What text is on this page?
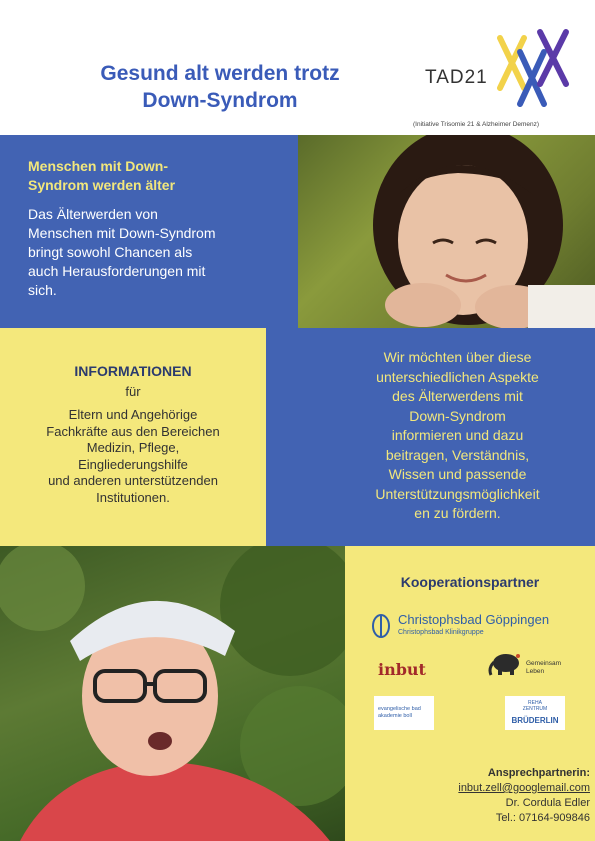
Gesund alt werden trotz
Down-Syndrom
TAD21
(Initiative Trisomie 21 & Alzheimer Demenz)
Menschen mit Down-
Syndrom werden älter
Das Älterwerden von
Menschen mit Down-Syndrom
bringt sowohl Chancen als
auch Herausforderungen mit
sich.
INFORMATIONEN
für
Eltern und Angehörige
Fachkräfte aus den Bereichen
Medizin, Pflege,
Eingliederungshilfe
und anderen unterstützenden
Institutionen.
Wir möchten über diese
unterschiedlichen Aspekte
des Älterwerdens mit
Down-Syndrom
informieren und dazu
beitragen, Verständnis,
Wissen und passende
Unterstützungsmöglichkeit
en zu fördern.
Kooperationspartner
Christophsbad Göppingen
Christophsbad Klinikgruppe
inbut	Gemeinsam
Leben
evangelische bad
akademie boll
REHA
ZENTRUM
BRÜDERLIN
Ansprechpartnerin:
inbut.zell@googlemail.com
Dr. Cordula Edler
Tel.: 07164-909846
